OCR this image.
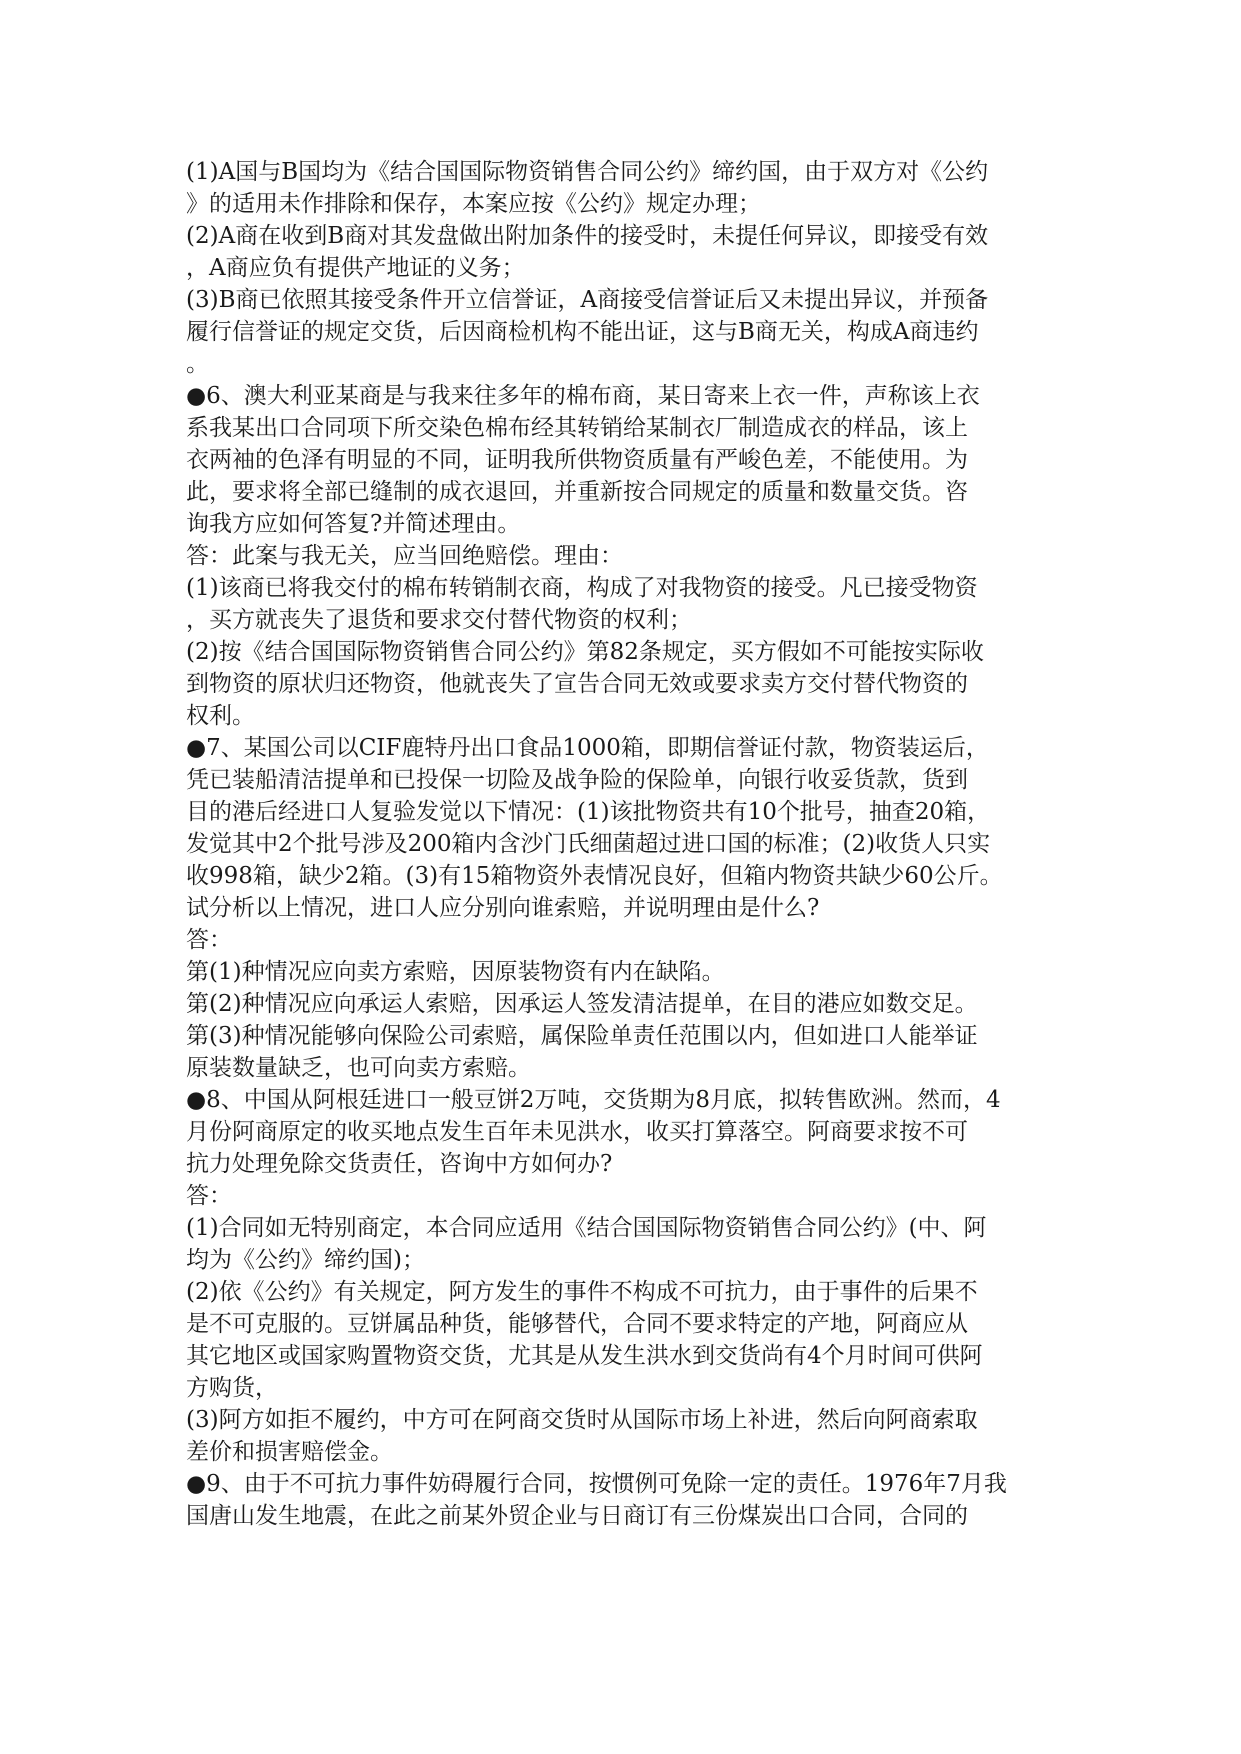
(1)A国与B国均为《结合国国际物资销售合同公约》缔约国，由于双方对《公约
》的适用未作排除和保存，本案应按《公约》规定办理；
(2)A商在收到B商对其发盘做出附加条件的接受时，未提任何异议，即接受有效
，A商应负有提供产地证的义务；
(3)B商已依照其接受条件开立信誉证，A商接受信誉证后又未提出异议，并预备
履行信誉证的规定交货，后因商检机构不能出证，这与B商无关，构成A商违约
。
●6、澳大利亚某商是与我来往多年的棉布商，某日寄来上衣一件，声称该上衣
系我某出口合同项下所交染色棉布经其转销给某制衣厂制造成衣的样品，该上
衣两袖的色泽有明显的不同，证明我所供物资质量有严峻色差，不能使用。为
此，要求将全部已缝制的成衣退回，并重新按合同规定的质量和数量交货。咨
询我方应如何答复?并简述理由。
答：此案与我无关，应当回绝赔偿。理由：
(1)该商已将我交付的棉布转销制衣商，构成了对我物资的接受。凡已接受物资
，买方就丧失了退货和要求交付替代物资的权利；
(2)按《结合国国际物资销售合同公约》第82条规定，买方假如不可能按实际收
到物资的原状归还物资，他就丧失了宣告合同无效或要求卖方交付替代物资的
权利。
●7、某国公司以CIF鹿特丹出口食品1000箱，即期信誉证付款，物资装运后，
凭已装船清洁提单和已投保一切险及战争险的保险单，向银行收妥货款，货到
目的港后经进口人复验发觉以下情况：(1)该批物资共有10个批号，抽查20箱，
发觉其中2个批号涉及200箱内含沙门氏细菌超过进口国的标准；(2)收货人只实
收998箱，缺少2箱。(3)有15箱物资外表情况良好，但箱内物资共缺少60公斤。
试分析以上情况，进口人应分别向谁索赔，并说明理由是什么?
答：
第(1)种情况应向卖方索赔，因原装物资有内在缺陷。
第(2)种情况应向承运人索赔，因承运人签发清洁提单，在目的港应如数交足。
第(3)种情况能够向保险公司索赔，属保险单责任范围以内，但如进口人能举证
原装数量缺乏，也可向卖方索赔。
●8、中国从阿根廷进口一般豆饼2万吨，交货期为8月底，拟转售欧洲。然而，4
月份阿商原定的收买地点发生百年未见洪水，收买打算落空。阿商要求按不可
抗力处理免除交货责任，咨询中方如何办?
答：
(1)合同如无特别商定，本合同应适用《结合国国际物资销售合同公约》(中、阿
均为《公约》缔约国)；
(2)依《公约》有关规定，阿方发生的事件不构成不可抗力，由于事件的后果不
是不可克服的。豆饼属品种货，能够替代，合同不要求特定的产地，阿商应从
其它地区或国家购置物资交货，尤其是从发生洪水到交货尚有4个月时间可供阿
方购货，
(3)阿方如拒不履约，中方可在阿商交货时从国际市场上补进，然后向阿商索取
差价和损害赔偿金。
●9、由于不可抗力事件妨碍履行合同，按惯例可免除一定的责任。1976年7月我
国唐山发生地震，在此之前某外贸企业与日商订有三份煤炭出口合同，合同的
